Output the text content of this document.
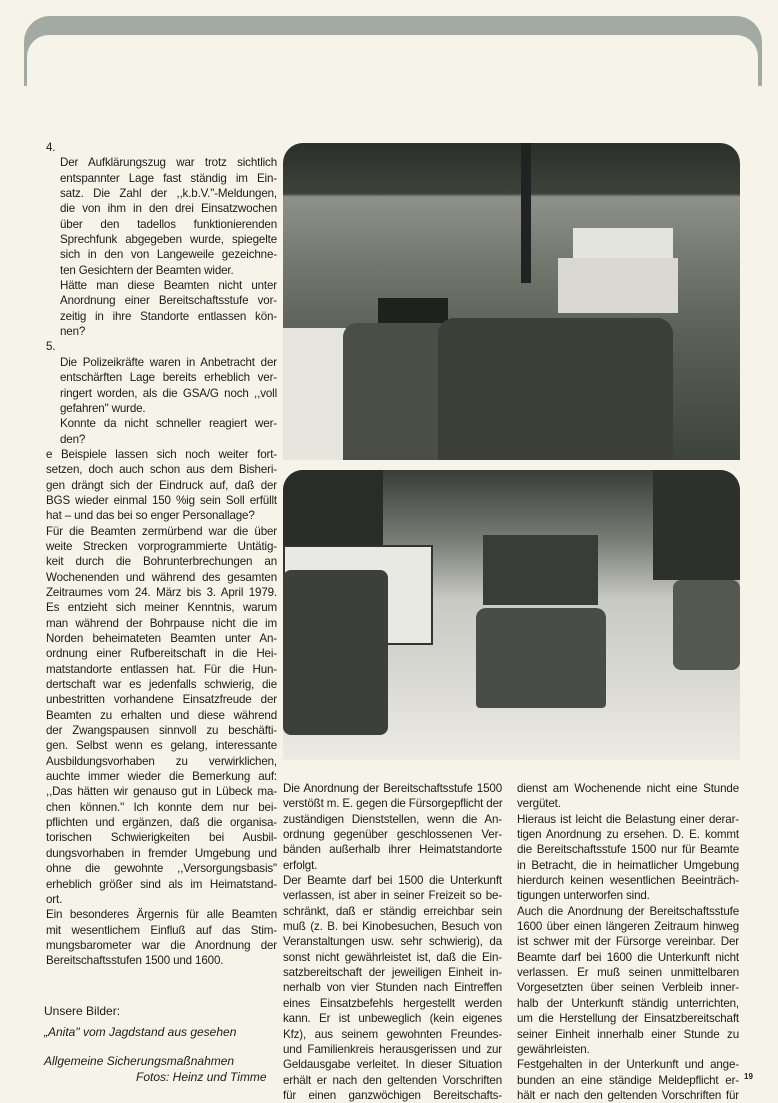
4.
Der Aufklärungszug war trotz sichtlich
entspannter Lage fast ständig im Ein-
satz. Die Zahl der ,,k.b.V."-Meldungen,
die von ihm in den drei Einsatzwochen
über den tadellos funktionierenden
Sprechfunk abgegeben wurde, spiegelte
sich in den von Langeweile gezeichne-
ten Gesichtern der Beamten wider.
Hätte man diese Beamten nicht unter
Anordnung einer Bereitschaftsstufe vor-
zeitig in ihre Standorte entlassen kön-
nen?
5.
Die Polizeikräfte waren in Anbetracht der
entschärften Lage bereits erheblich ver-
ringert worden, als die GSA/G noch ,,voll
gefahren" wurde.
Konnte da nicht schneller reagiert wer-
den?
e Beispiele lassen sich noch weiter fort-
setzen, doch auch schon aus dem Bisheri-
gen drängt sich der Eindruck auf, daß der
BGS wieder einmal 150 %ig sein Soll erfüllt
hat – und das bei so enger Personallage?
Für die Beamten zermürbend war die über
weite Strecken vorprogrammierte Untätig-
keit durch die Bohrunterbrechungen an
Wochenenden und während des gesamten
Zeitraumes vom 24. März bis 3. April 1979.
Es entzieht sich meiner Kenntnis, warum
man während der Bohrpause nicht die im
Norden beheimateten Beamten unter An-
ordnung einer Rufbereitschaft in die Hei-
matstandorte entlassen hat. Für die Hun-
dertschaft war es jedenfalls schwierig, die
unbestritten vorhandene Einsatzfreude der
Beamten zu erhalten und diese während
der Zwangspausen sinnvoll zu beschäfti-
gen. Selbst wenn es gelang, interessante
Ausbildungsvorhaben zu verwirklichen,
auchte immer wieder die Bemerkung auf:
,,Das hätten wir genauso gut in Lübeck ma-
chen können." Ich konnte dem nur bei-
pflichten und ergänzen, daß die organisa-
torischen Schwierigkeiten bei Ausbil-
dungsvorhaben in fremder Umgebung und
ohne die gewohnte ,,Versorgungsbasis"
erheblich größer sind als im Heimatstand-
ort.
Ein besonderes Ärgernis für alle Beamten
mit wesentlichem Einfluß auf das Stim-
mungsbarometer war die Anordnung der
Bereitschaftsstufen 1500 und 1600.
Die Anordnung der Bereitschaftsstufe 1500
verstößt m. E. gegen die Fürsorgepflicht der
zuständigen Dienststellen, wenn die An-
ordnung gegenüber geschlossenen Ver-
bänden außerhalb ihrer Heimatstandorte
erfolgt.
Der Beamte darf bei 1500 die Unterkunft
verlassen, ist aber in seiner Freizeit so be-
schränkt, daß er ständig erreichbar sein
muß (z. B. bei Kinobesuchen, Besuch von
Veranstaltungen usw. sehr schwierig), da
sonst nicht gewährleistet ist, daß die Ein-
satzbereitschaft der jeweiligen Einheit in-
nerhalb von vier Stunden nach Eintreffen
eines Einsatzbefehls hergestellt werden
kann. Er ist unbeweglich (kein eigenes
Kfz), aus seinem gewohnten Freundes-
und Familienkreis herausgerissen und zur
Geldausgabe verleitet. In dieser Situation
erhält er nach den geltenden Vorschriften
für einen ganzwöchigen Bereitschafts-
dienst am Wochenende nicht eine Stunde
vergütet.
Hieraus ist leicht die Belastung einer derar-
tigen Anordnung zu ersehen. D. E. kommt
die Bereitschaftsstufe 1500 nur für Beamte
in Betracht, die in heimatlicher Umgebung
hierdurch keinen wesentlichen Beeinträch-
tigungen unterworfen sind.
Auch die Anordnung der Bereitschaftsstufe
1600 über einen längeren Zeitraum hinweg
ist schwer mit der Fürsorge vereinbar. Der
Beamte darf bei 1600 die Unterkunft nicht
verlassen. Er muß seinen unmittelbaren
Vorgesetzten über seinen Verbleib inner-
halb der Unterkunft ständig unterrichten,
um die Herstellung der Einsatzbereitschaft
seiner Einheit innerhalb einer Stunde zu
gewährleisten.
Festgehalten in der Unterkunft und ange-
bunden an eine ständige Meldepflicht er-
hält er nach den geltenden Vorschriften für
Unsere Bilder:
„Anita" vom Jagdstand aus gesehen
Allgemeine Sicherungsmaßnahmen
Fotos: Heinz und Timme	19
